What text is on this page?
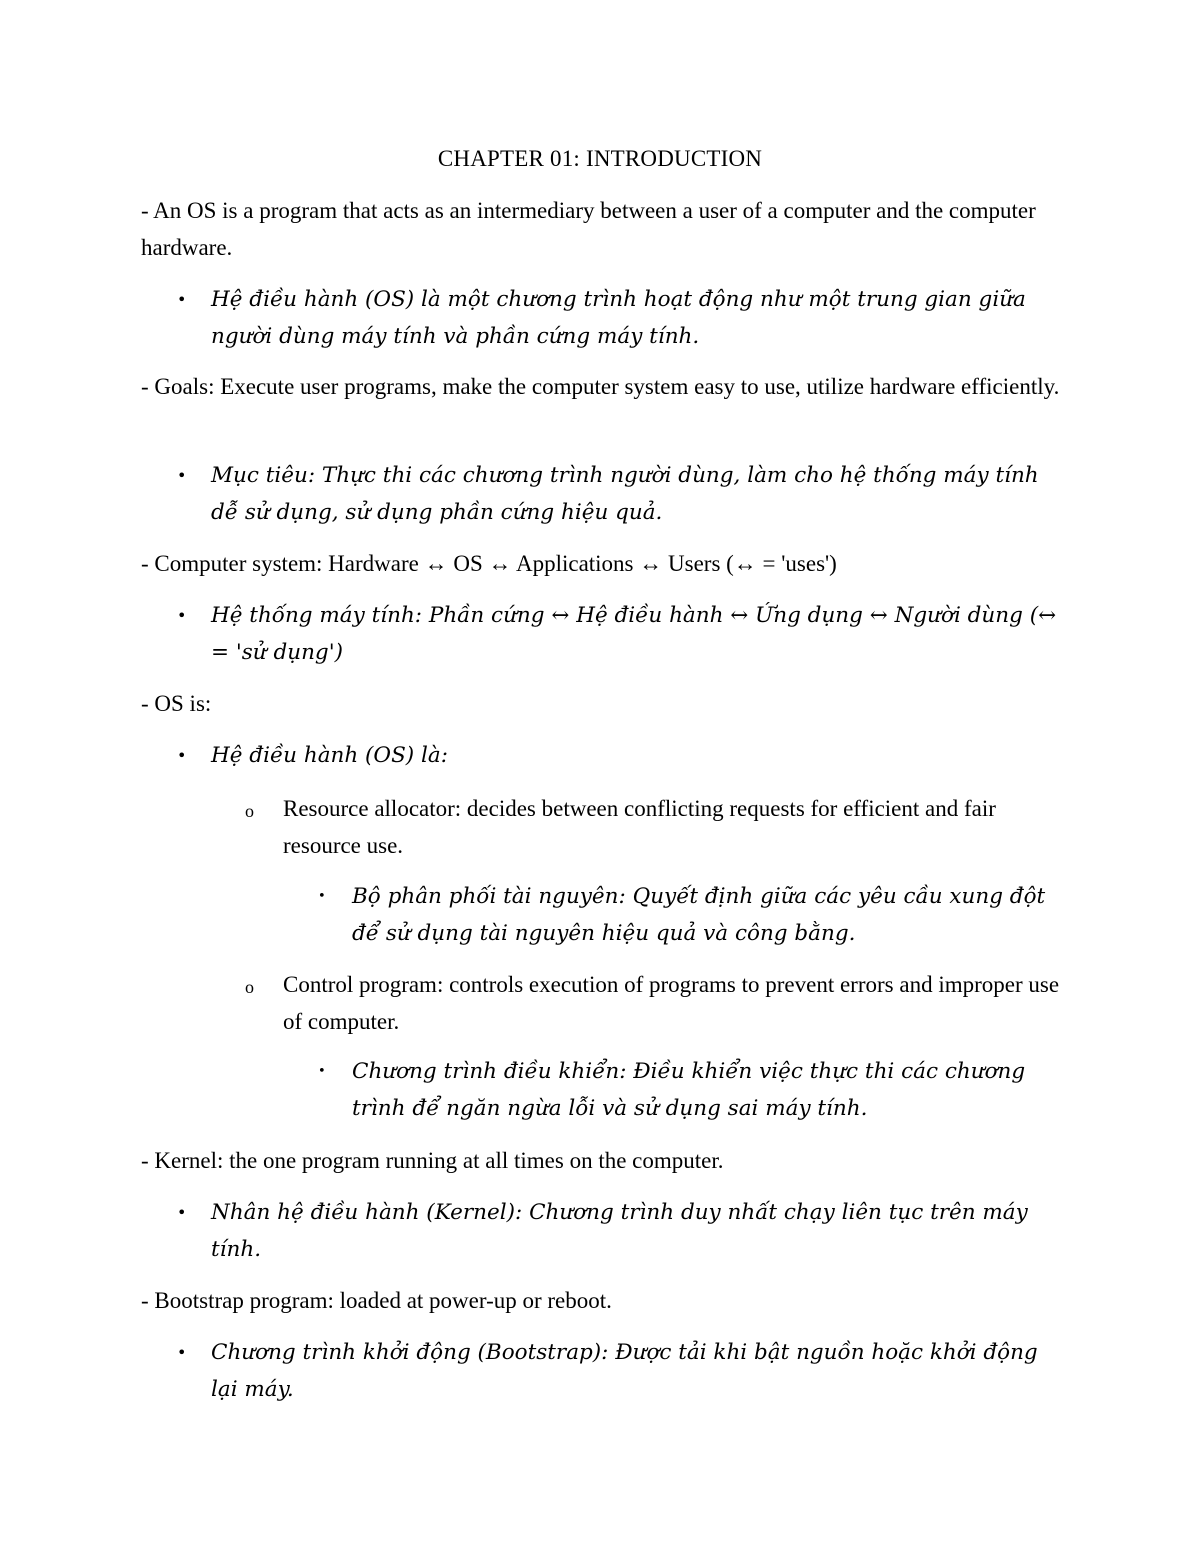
CHAPTER 01: INTRODUCTION
- An OS is a program that acts as an intermediary between a user of a computer and the computer hardware.
• Hệ điều hành (OS) là một chương trình hoạt động như một trung gian giữa người dùng máy tính và phần cứng máy tính.
- Goals: Execute user programs, make the computer system easy to use, utilize hardware efficiently.
• Mục tiêu: Thực thi các chương trình người dùng, làm cho hệ thống máy tính dễ sử dụng, sử dụng phần cứng hiệu quả.
- Computer system: Hardware ↔ OS ↔ Applications ↔ Users (↔ = 'uses')
• Hệ thống máy tính: Phần cứng ↔ Hệ điều hành ↔ Ứng dụng ↔ Người dùng (↔ = 'sử dụng')
- OS is:
• Hệ điều hành (OS) là:
o Resource allocator: decides between conflicting requests for efficient and fair resource use.
• Bộ phân phối tài nguyên: Quyết định giữa các yêu cầu xung đột để sử dụng tài nguyên hiệu quả và công bằng.
o Control program: controls execution of programs to prevent errors and improper use of computer.
• Chương trình điều khiển: Điều khiển việc thực thi các chương trình để ngăn ngừa lỗi và sử dụng sai máy tính.
- Kernel: the one program running at all times on the computer.
• Nhân hệ điều hành (Kernel): Chương trình duy nhất chạy liên tục trên máy tính.
- Bootstrap program: loaded at power-up or reboot.
• Chương trình khởi động (Bootstrap): Được tải khi bật nguồn hoặc khởi động lại máy.
